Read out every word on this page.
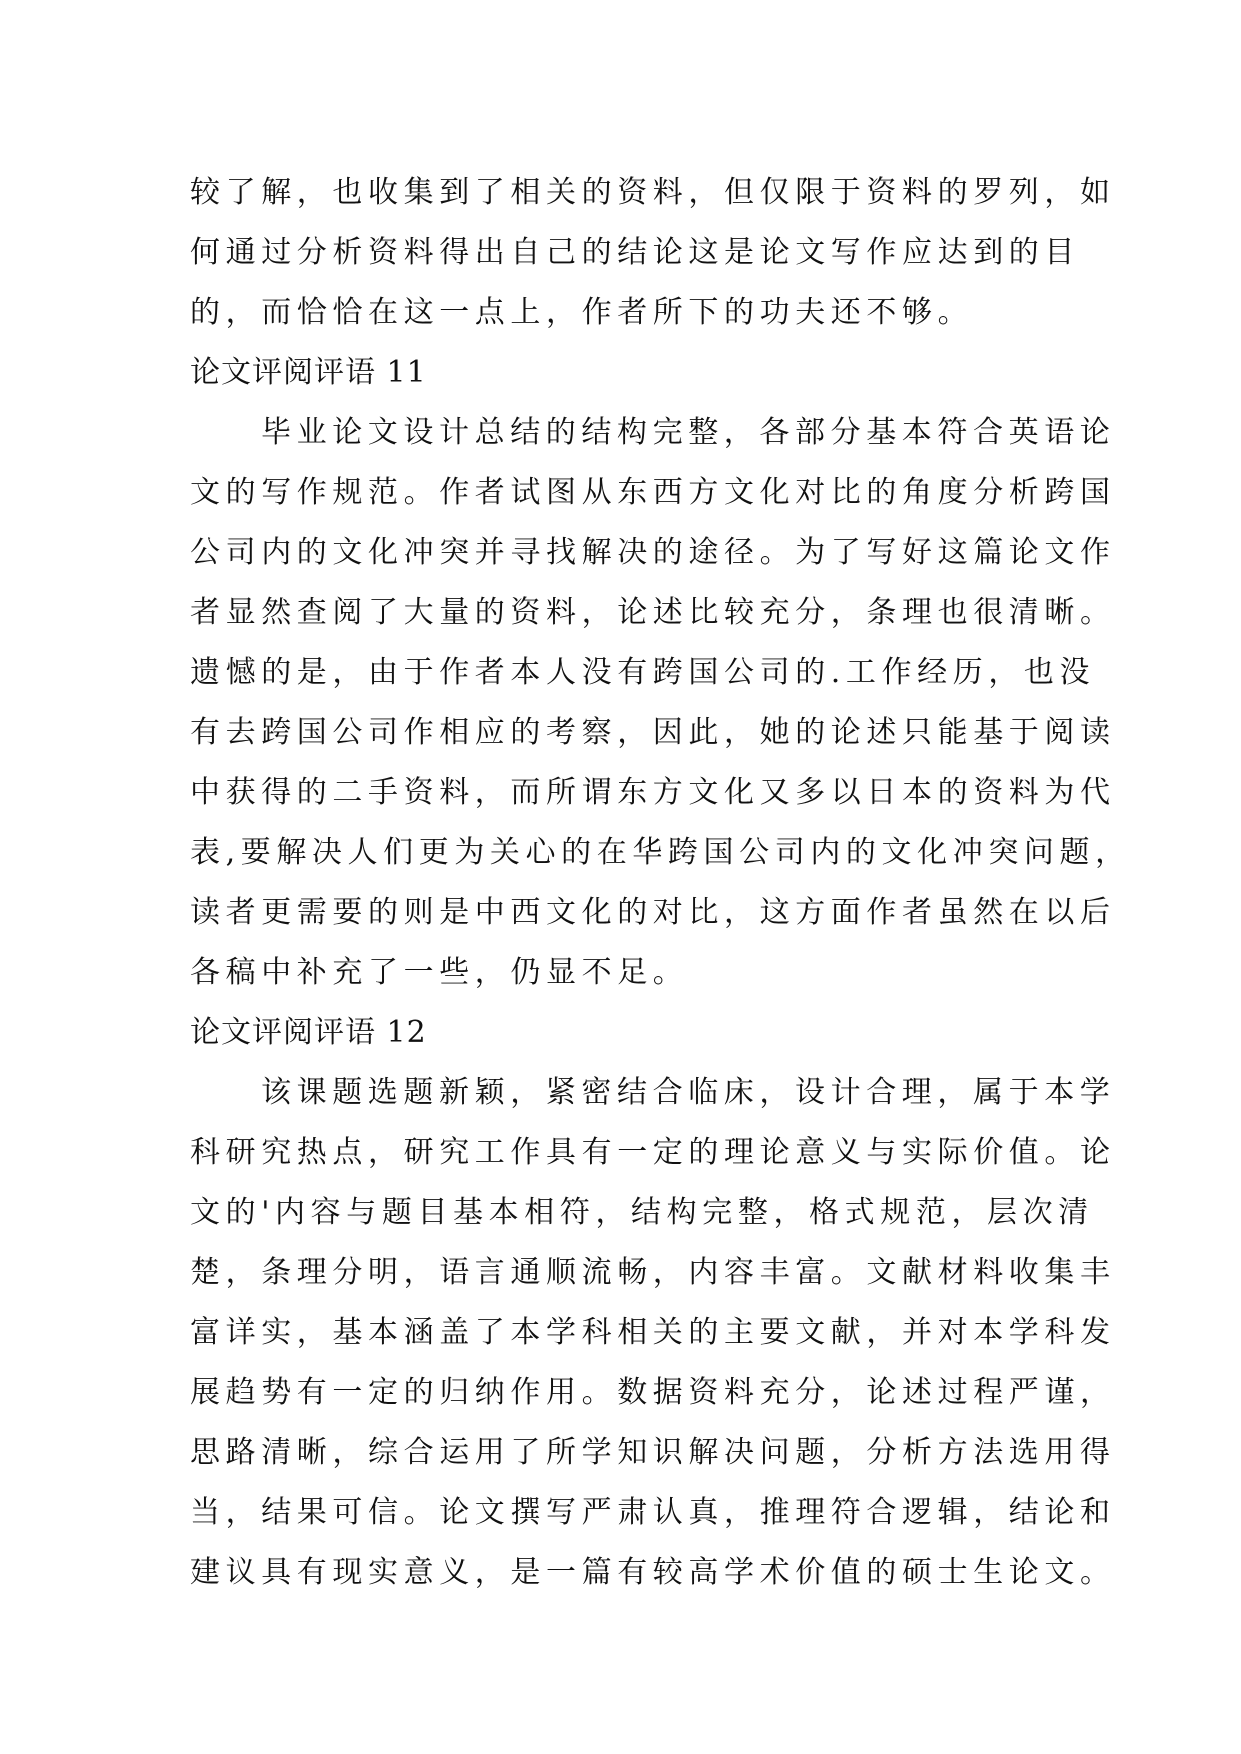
较了解，也收集到了相关的资料，但仅限于资料的罗列，如
何通过分析资料得出自己的结论这是论文写作应达到的目
的，而恰恰在这一点上，作者所下的功夫还不够。
论文评阅评语 11
毕业论文设计总结的结构完整，各部分基本符合英语论
文的写作规范。作者试图从东西方文化对比的角度分析跨国
公司内的文化冲突并寻找解决的途径。为了写好这篇论文作
者显然查阅了大量的资料，论述比较充分，条理也很清晰。
遗憾的是，由于作者本人没有跨国公司的.工作经历，也没
有去跨国公司作相应的考察，因此，她的论述只能基于阅读
中获得的二手资料，而所谓东方文化又多以日本的资料为代
表,要解决人们更为关心的在华跨国公司内的文化冲突问题，
读者更需要的则是中西文化的对比，这方面作者虽然在以后
各稿中补充了一些，仍显不足。
论文评阅评语 12
该课题选题新颖，紧密结合临床，设计合理，属于本学
科研究热点，研究工作具有一定的理论意义与实际价值。论
文的'内容与题目基本相符，结构完整，格式规范，层次清
楚，条理分明，语言通顺流畅，内容丰富。文献材料收集丰
富详实，基本涵盖了本学科相关的主要文献，并对本学科发
展趋势有一定的归纳作用。数据资料充分，论述过程严谨，
思路清晰，综合运用了所学知识解决问题，分析方法选用得
当，结果可信。论文撰写严肃认真，推理符合逻辑，结论和
建议具有现实意义，是一篇有较高学术价值的硕士生论文。
